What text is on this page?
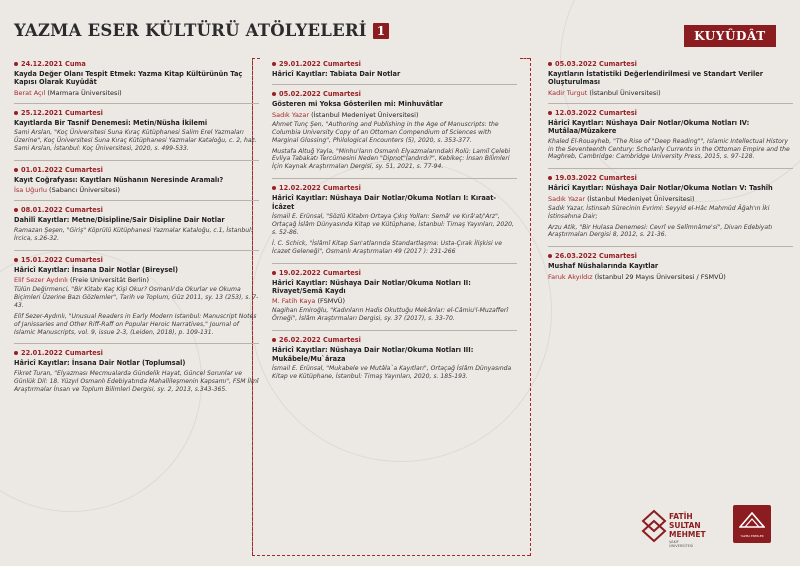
YAZMA ESER KÜLTÜRÜ ATÖLYELERİ 1	KUYÛDÂT
24.12.2021 Cuma
Kayda Değer Olanı Tespit Etmek: Yazma Kitap Kültürünün Taç Kapısı Olarak Kuyûdât
Berat Açıl (Marmara Üniversitesi)
25.12.2021 Cumartesi
Kayıtlarda Bir Tasnif Denemesi: Metin/Nüsha İkilemi
Sami Arslan, "Koç Üniversitesi Suna Kıraç Kütüphanesi Salim Erel Yazmaları Üzerine", Koç Üniversitesi Suna Kıraç Kütüphanesi Yazmalar Kataloğu, c. 2, haz. Sami Arslan, İstanbul: Koç Üniversitesi, 2020, s. 499-533.
01.01.2022 Cumartesi
Kayıt Coğrafyası: Kayıtları Nüshanın Neresinde Aramalı?
İsa Uğurlu (Sabancı Üniversitesi)
08.01.2022 Cumartesi
Dahilî Kayıtlar: Metne/Disipline/Sair Disipline Dair Notlar
Ramazan Şeşen, "Giriş" Köprülü Kütüphanesi Yazmalar Kataloğu, c.1, İstanbul: İrcica, s.26-32.
15.01.2022 Cumartesi
Hâricî Kayıtlar: İnsana Dair Notlar (Bireysel)
Elif Sezer Aydınlı (Freie Universität Berlin)
Tülün Değirmenci, "Bir Kitabı Kaç Kişi Okur? Osmanlı'da Okurlar ve Okuma Biçimleri Üzerine Bazı Gözlemler", Tarih ve Toplum, Güz 2011, sy. 13 (253), s. 7-43.
Elif Sezer-Aydınlı, "Unusual Readers in Early Modern Istanbul: Manuscript Notes of Janissaries and Other Riff-Raff on Popular Heroic Narratives," Journal of Islamic Manuscripts, vol. 9, issue 2-3, (Leiden, 2018), p. 109-131.
22.01.2022 Cumartesi
Hâricî Kayıtlar: İnsana Dair Notlar (Toplumsal)
Fikret Turan, "Elyazması Mecmualarda Gündelik Hayat, Güncel Sorunlar ve Günlük Dil: 18. Yüzyıl Osmanlı Edebiyatında Mahallileşmenin Kapsamı", FSM İlmî Araştırmalar İnsan ve Toplum Bilimleri Dergisi, sy. 2, 2013, s.343-365.
29.01.2022 Cumartesi
Hâricî Kayıtlar: Tabiata Dair Notlar
05.02.2022 Cumartesi
Gösteren mi Yoksa Gösterilen mi: Minhuvâtlar
Sadık Yazar (İstanbul Medeniyet Üniversitesi)
Ahmet Tunç Şen, "Authoring and Publishing in the Age of Manuscripts: the Columbia University Copy of an Ottoman Compendium of Sciences with Marginal Glossing", Philological Encounters (5), 2020, s. 353-377.
Mustafa Altuğ Yayla, "Minhu'ların Osmanlı Elyazmalarındaki Rolü: Lamiî Çelebi Evliya Tabakatı Tercümesini Neden "Dipnot"landırdı?", Kebikeç: İnsan Bilimleri İçin Kaynak Araştırmaları Dergisi, sy. 51, 2021, s. 77-94.
12.02.2022 Cumartesi
Hâricî Kayıtlar: Nüshaya Dair Notlar/Okuma Notları I: Kıraat-İcâzet
İsmail E. Erünsal, "Sözlü Kitabın Ortaya Çıkış Yolları: Semâ' ve Kırâ'at/'Arz", Ortaçağ İslâm Dünyasında Kitap ve Kütüphane, İstanbul: Timaş Yayınları, 2020, s. 52-86.
İ. C. Schick, "İslâmî Kitap San'atlarında Standartlaşma: Usta-Çırak İlişkisi ve İcazet Geleneği", Osmanlı Araştırmaları 49 (2017 ): 231-266
19.02.2022 Cumartesi
Hâricî Kayıtlar: Nüshaya Dair Notlar/Okuma Notları II: Rivayet/Semâ Kaydı
M. Fatih Kaya (FSMVÜ)
Nagihan Emiroğlu, "Kadınların Hadis Okuttuğu Mekânlar: el-Câmiu'l-Muzafferî Örneği", İslâm Araştırmaları Dergisi, sy. 37 (2017), s. 33-70.
26.02.2022 Cumartesi
Hâricî Kayıtlar: Nüshaya Dair Notlar/Okuma Notları III: Mukâbele/Mu`âraza
İsmail E. Erünsal, "Mukabele ve Mutâla`a Kayıtları", Ortaçağ İslâm Dünyasında Kitap ve Kütüphane, İstanbul: Timaş Yayınları, 2020, s. 185-193.
05.03.2022 Cumartesi
Kayıtların İstatistiki Değerlendirilmesi ve Standart Veriler Oluşturulması
Kadir Turgut (İstanbul Üniversitesi)
12.03.2022 Cumartesi
Hâricî Kayıtlar: Nüshaya Dair Notlar/Okuma Notları IV: Mutâlaa/Müzakere
Khaled El-Rouayheb, "The Rise of "Deep Reading"", Islamic Intellectual History in the Seventeenth Century: Scholarly Currents in the Ottoman Empire and the Maghreb, Cambridge: Cambridge University Press, 2015, s. 97-128.
19.03.2022 Cumartesi
Hâricî Kayıtlar: Nüshaya Dair Notlar/Okuma Notları V: Tashîh
Sadık Yazar (İstanbul Medeniyet Üniversitesi)
Sadık Yazar, İstinsah Sürecinin Evrimi: Seyyid el-Hâc Mahmûd Âğah'ın İki İstinsahına Dair;
Arzu Atik, "Bir Hulasa Denemesi: Cevrî ve Selîmnâme'si", Divan Edebiyatı Araştırmaları Dergisi 8, 2012, s. 21-36.
26.03.2022 Cumartesi
Mushaf Nüshalarında Kayıtlar
Faruk Akyıldız (İstanbul 29 Mayıs Üniversitesi / FSMVÜ)
FATİH
SULTAN
MEHMET
VAKIF ÜNİVERSİTESİ
YAZMA ESERLER
